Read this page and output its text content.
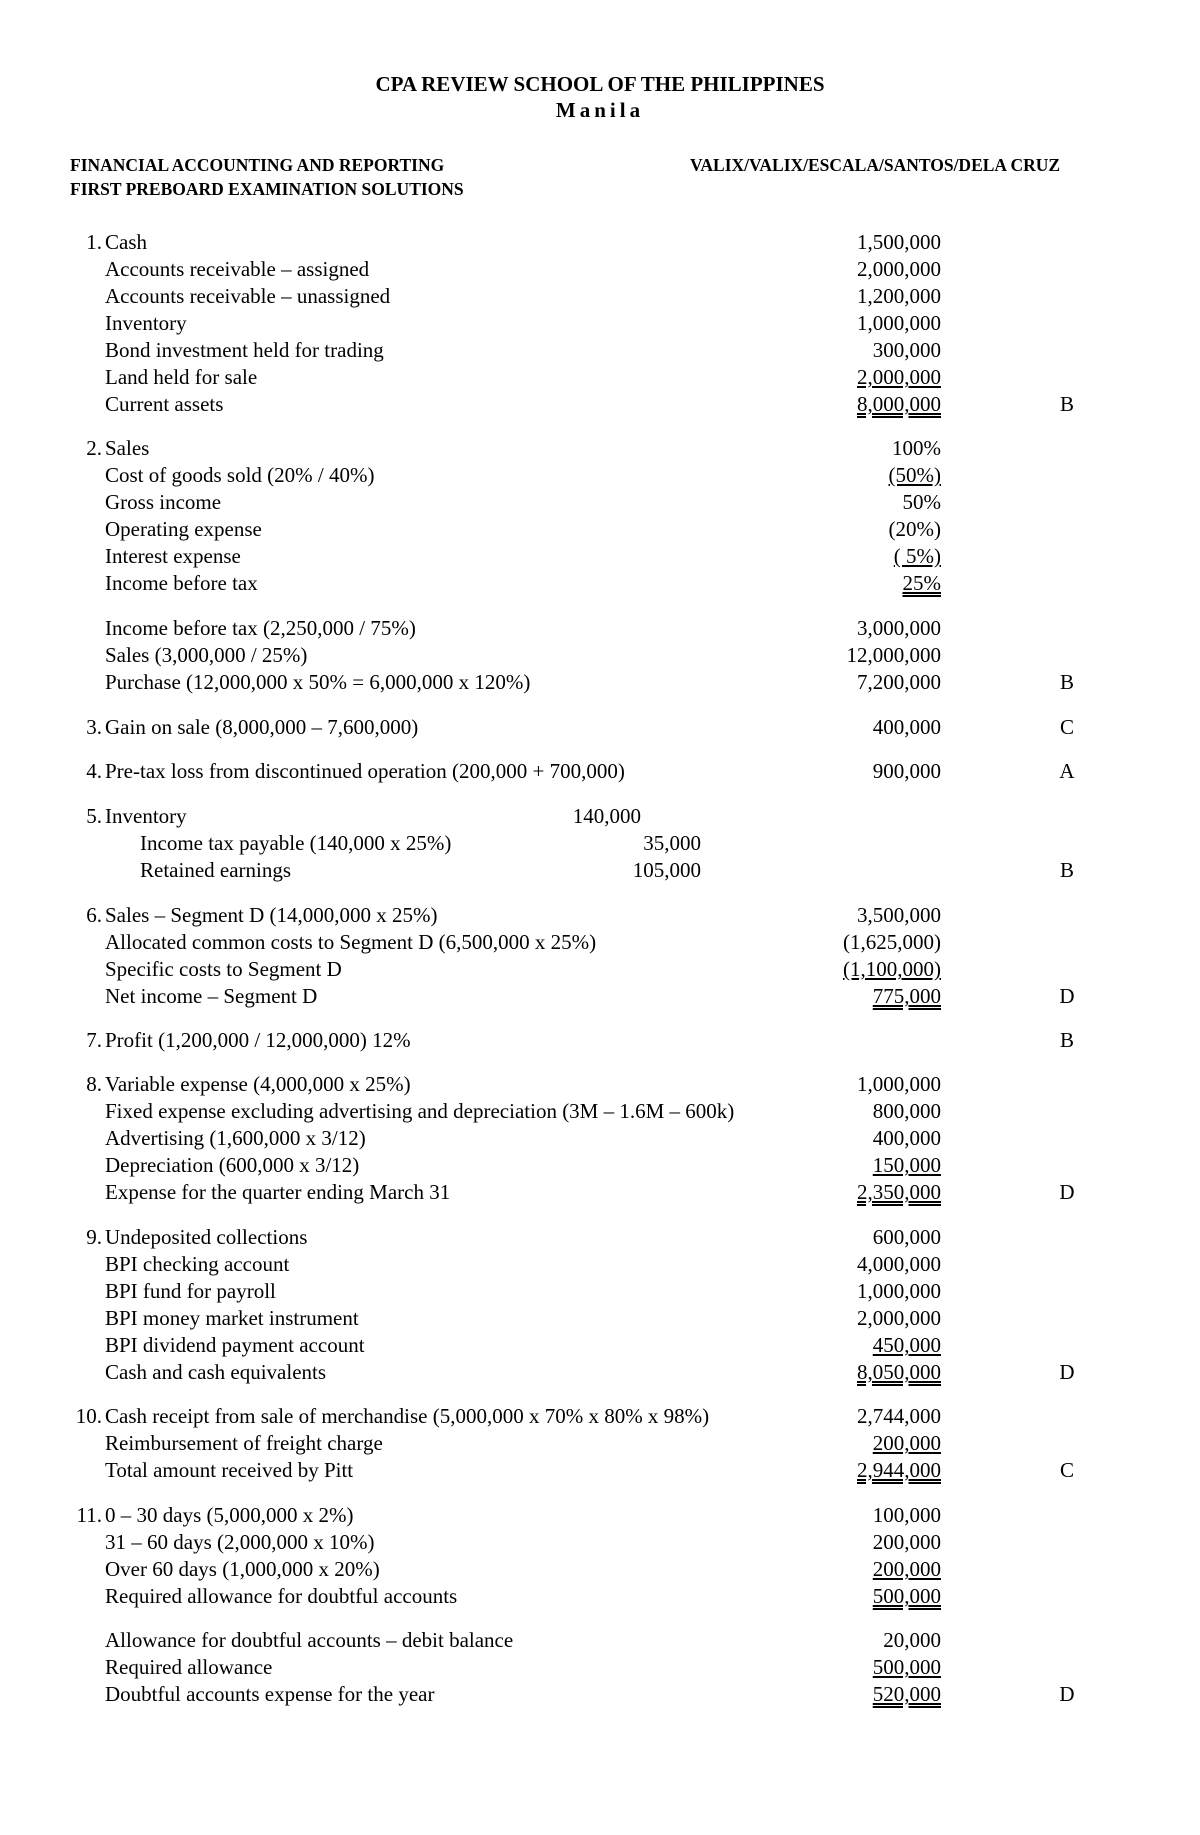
CPA REVIEW SCHOOL OF THE PHILIPPINES
Manila
FINANCIAL ACCOUNTING AND REPORTING
FIRST PREBOARD EXAMINATION SOLUTIONS
VALIX/VALIX/ESCALA/SANTOS/DELA CRUZ
1. Cash	1,500,000
Accounts receivable – assigned	2,000,000
Accounts receivable – unassigned	1,200,000
Inventory	1,000,000
Bond investment held for trading	300,000
Land held for sale	2,000,000
Current assets	8,000,000	B
2. Sales	100%
Cost of goods sold (20% / 40%)	(50%)
Gross income	50%
Operating expense	(20%)
Interest expense	( 5%)
Income before tax	25%
Income before tax (2,250,000 / 75%)	3,000,000
Sales (3,000,000 / 25%)	12,000,000
Purchase (12,000,000 x 50% = 6,000,000 x 120%)	7,200,000	B
3. Gain on sale (8,000,000 – 7,600,000)	400,000	C
4. Pre-tax loss from discontinued operation (200,000 + 700,000)	900,000	A
5. Inventory	140,000
Income tax payable (140,000 x 25%)	35,000
Retained earnings	105,000	B
6. Sales – Segment D (14,000,000 x 25%)	3,500,000
Allocated common costs to Segment D (6,500,000 x 25%)	(1,625,000)
Specific costs to Segment D	(1,100,000)
Net income – Segment D	775,000	D
7. Profit (1,200,000 / 12,000,000) 12%	B
8. Variable expense (4,000,000 x 25%)	1,000,000
Fixed expense excluding advertising and depreciation (3M – 1.6M – 600k)	800,000
Advertising (1,600,000 x 3/12)	400,000
Depreciation (600,000 x 3/12)	150,000
Expense for the quarter ending March 31	2,350,000	D
9. Undeposited collections	600,000
BPI checking account	4,000,000
BPI fund for payroll	1,000,000
BPI money market instrument	2,000,000
BPI dividend payment account	450,000
Cash and cash equivalents	8,050,000	D
10. Cash receipt from sale of merchandise (5,000,000 x 70% x 80% x 98%)	2,744,000
Reimbursement of freight charge	200,000
Total amount received by Pitt	2,944,000	C
11. 0 – 30 days (5,000,000 x 2%)	100,000
31 – 60 days (2,000,000 x 10%)	200,000
Over 60 days (1,000,000 x 20%)	200,000
Required allowance for doubtful accounts	500,000
Allowance for doubtful accounts – debit balance	20,000
Required allowance	500,000
Doubtful accounts expense for the year	520,000	D
